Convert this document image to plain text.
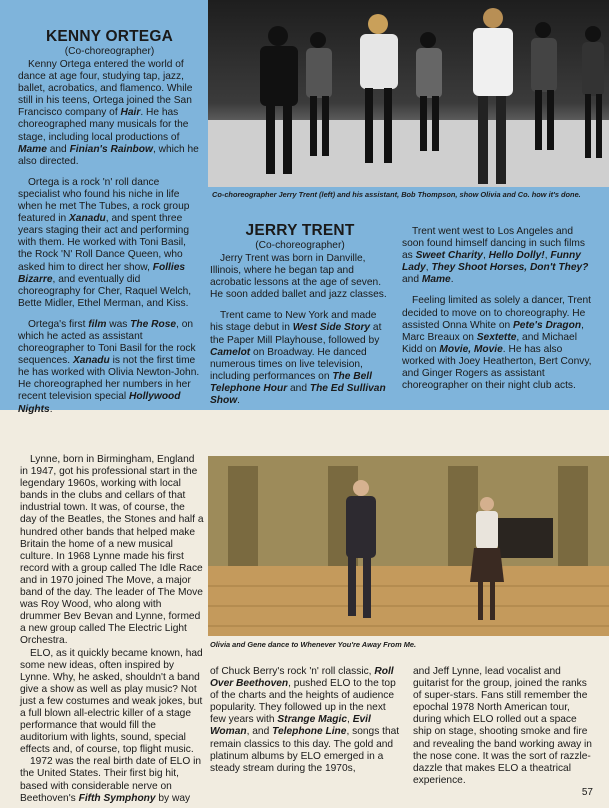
KENNY ORTEGA
(Co-choreographer)

Kenny Ortega entered the world of dance at age four, studying tap, jazz, ballet, acrobatics, and flamenco. While still in his teens, Ortega joined the San Francisco company of Hair. He has choreographed many musicals for the stage, including local productions of Mame and Finian's Rainbow, which he also directed.

Ortega is a rock 'n' roll dance specialist who found his niche in life when he met The Tubes, a rock group featured in Xanadu, and spent three years staging their act and performing with them. He worked with Toni Basil, the Rock 'N' Roll Dance Queen, who asked him to direct her show, Follies Bizarre, and eventually did choreography for Cher, Raquel Welch, Bette Midler, Ethel Merman, and Kiss.

Ortega's first film was The Rose, on which he acted as assistant choreographer to Toni Basil for the rock sequences. Xanadu is not the first time he has worked with Olivia Newton-John. He choreographed her numbers in her recent television special Hollywood Nights.

Co-choreographer Jerry Trent (left) and his assistant, Bob Thompson, show Olivia and Co. how it's done.
JERRY TRENT
(Co-choreographer)

Jerry Trent was born in Danville, Illinois, where he began tap and acrobatic lessons at the age of seven. He soon added ballet and jazz classes.

Trent came to New York and made his stage debut in West Side Story at the Paper Mill Playhouse, followed by Camelot on Broadway. He danced numerous times on live television, including performances on The Bell Telephone Hour and The Ed Sullivan Show.

Trent went west to Los Angeles and soon found himself dancing in such films as Sweet Charity, Hello Dolly!, Funny Lady, They Shoot Horses, Don't They? and Mame.

Feeling limited as solely a dancer, Trent decided to move on to choreography. He assisted Onna White on Pete's Dragon, Marc Breaux on Sextette, and Michael Kidd on Movie, Movie. He has also worked with Joey Heatherton, Bert Convy, and Ginger Rogers as assistant choreographer on their night club acts.

Lynne, born in Birmingham, England in 1947, got his professional start in the legendary 1960s, working with local bands in the clubs and cellars of that industrial town. It was, of course, the day of the Beatles, the Stones and half a hundred other bands that helped make Britain the home of a new musical culture. In 1968 Lynne made his first record with a group called The Idle Race and in 1970 joined The Move, a major band of the day. The leader of The Move was Roy Wood, who along with drummer Bev Bevan and Lynne, formed a new group called The Electric Light Orchestra.

ELO, as it quickly became known, had some new ideas, often inspired by Lynne. Why, he asked, shouldn't a band give a show as well as play music? Not just a few costumes and weak jokes, but a full blown all-electric killer of a stage performance that would fill the auditorium with lights, sound, special effects and, of course, top flight music.

1972 was the real birth date of ELO in the United States. Their first big hit, based with considerable nerve on Beethoven's Fifth Symphony by way

Olivia and Gene dance to Whenever You're Away From Me.

of Chuck Berry's rock 'n' roll classic, Roll Over Beethoven, pushed ELO to the top of the charts and the heights of audience popularity. They followed up in the next few years with Strange Magic, Evil Woman, and Telephone Line, songs that remain classics to this day. The gold and platinum albums by ELO emerged in a steady stream during the 1970s,

and Jeff Lynne, lead vocalist and guitarist for the group, joined the ranks of super-stars. Fans still remember the epochal 1978 North American tour, during which ELO rolled out a space ship on stage, shooting smoke and fire and revealing the band working away in the nose cone. It was the sort of razzle-dazzle that makes ELO a theatrical experience.

57
